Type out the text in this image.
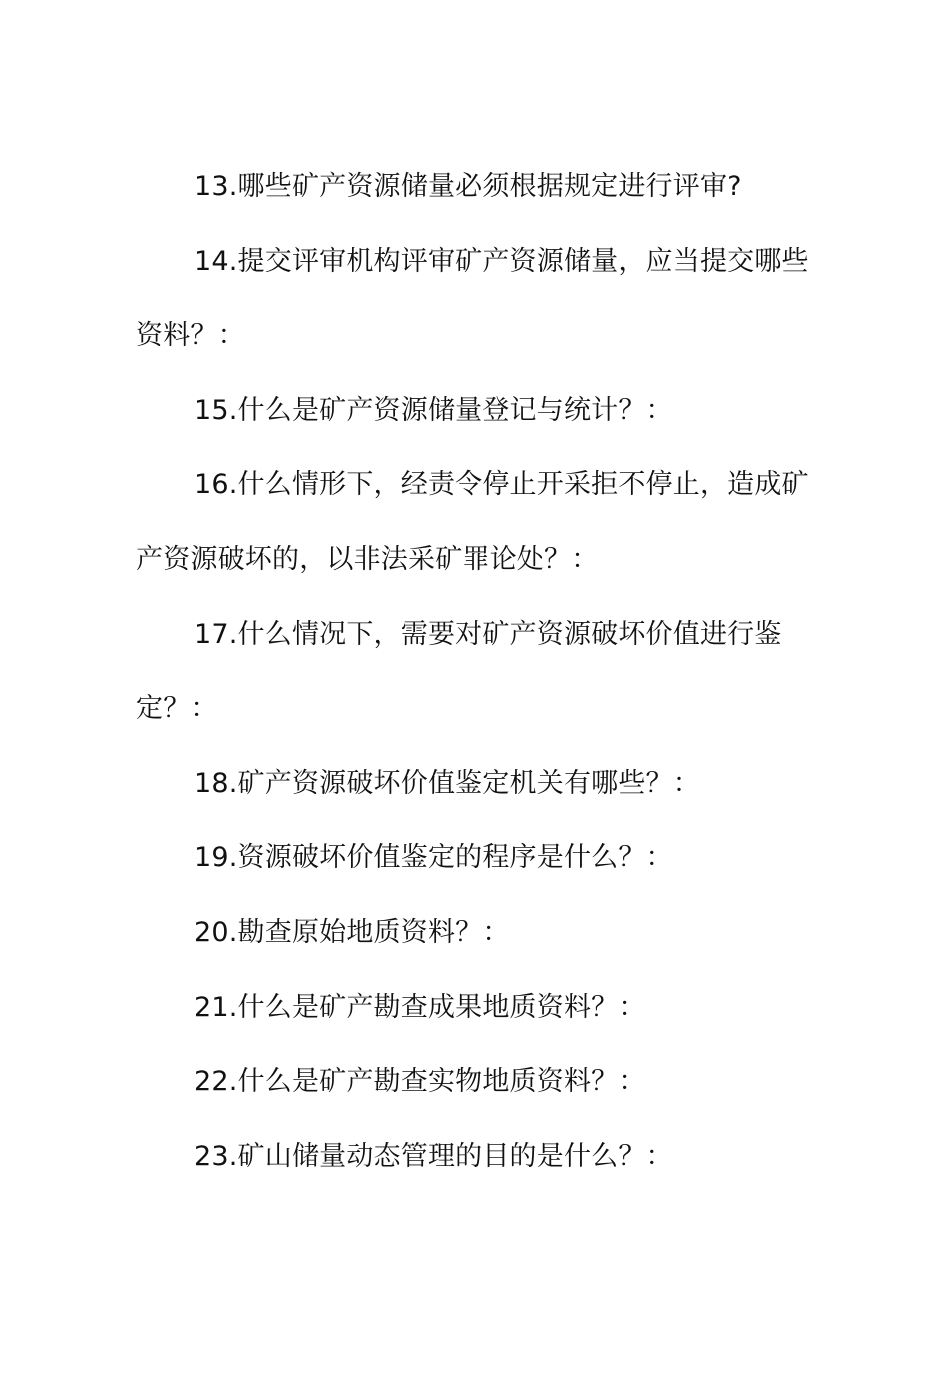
13.哪些矿产资源储量必须根据规定进行评审?

14.提交评审机构评审矿产资源储量，应当提交哪些资料？：

15.什么是矿产资源储量登记与统计？：

16.什么情形下，经责令停止开采拒不停止，造成矿产资源破坏的，以非法采矿罪论处？：

17.什么情况下，需要对矿产资源破坏价值进行鉴定？：

18.矿产资源破坏价值鉴定机关有哪些？：

19.资源破坏价值鉴定的程序是什么？：

20.勘查原始地质资料？：

21.什么是矿产勘查成果地质资料？：

22.什么是矿产勘查实物地质资料？：

23.矿山储量动态管理的目的是什么？：
